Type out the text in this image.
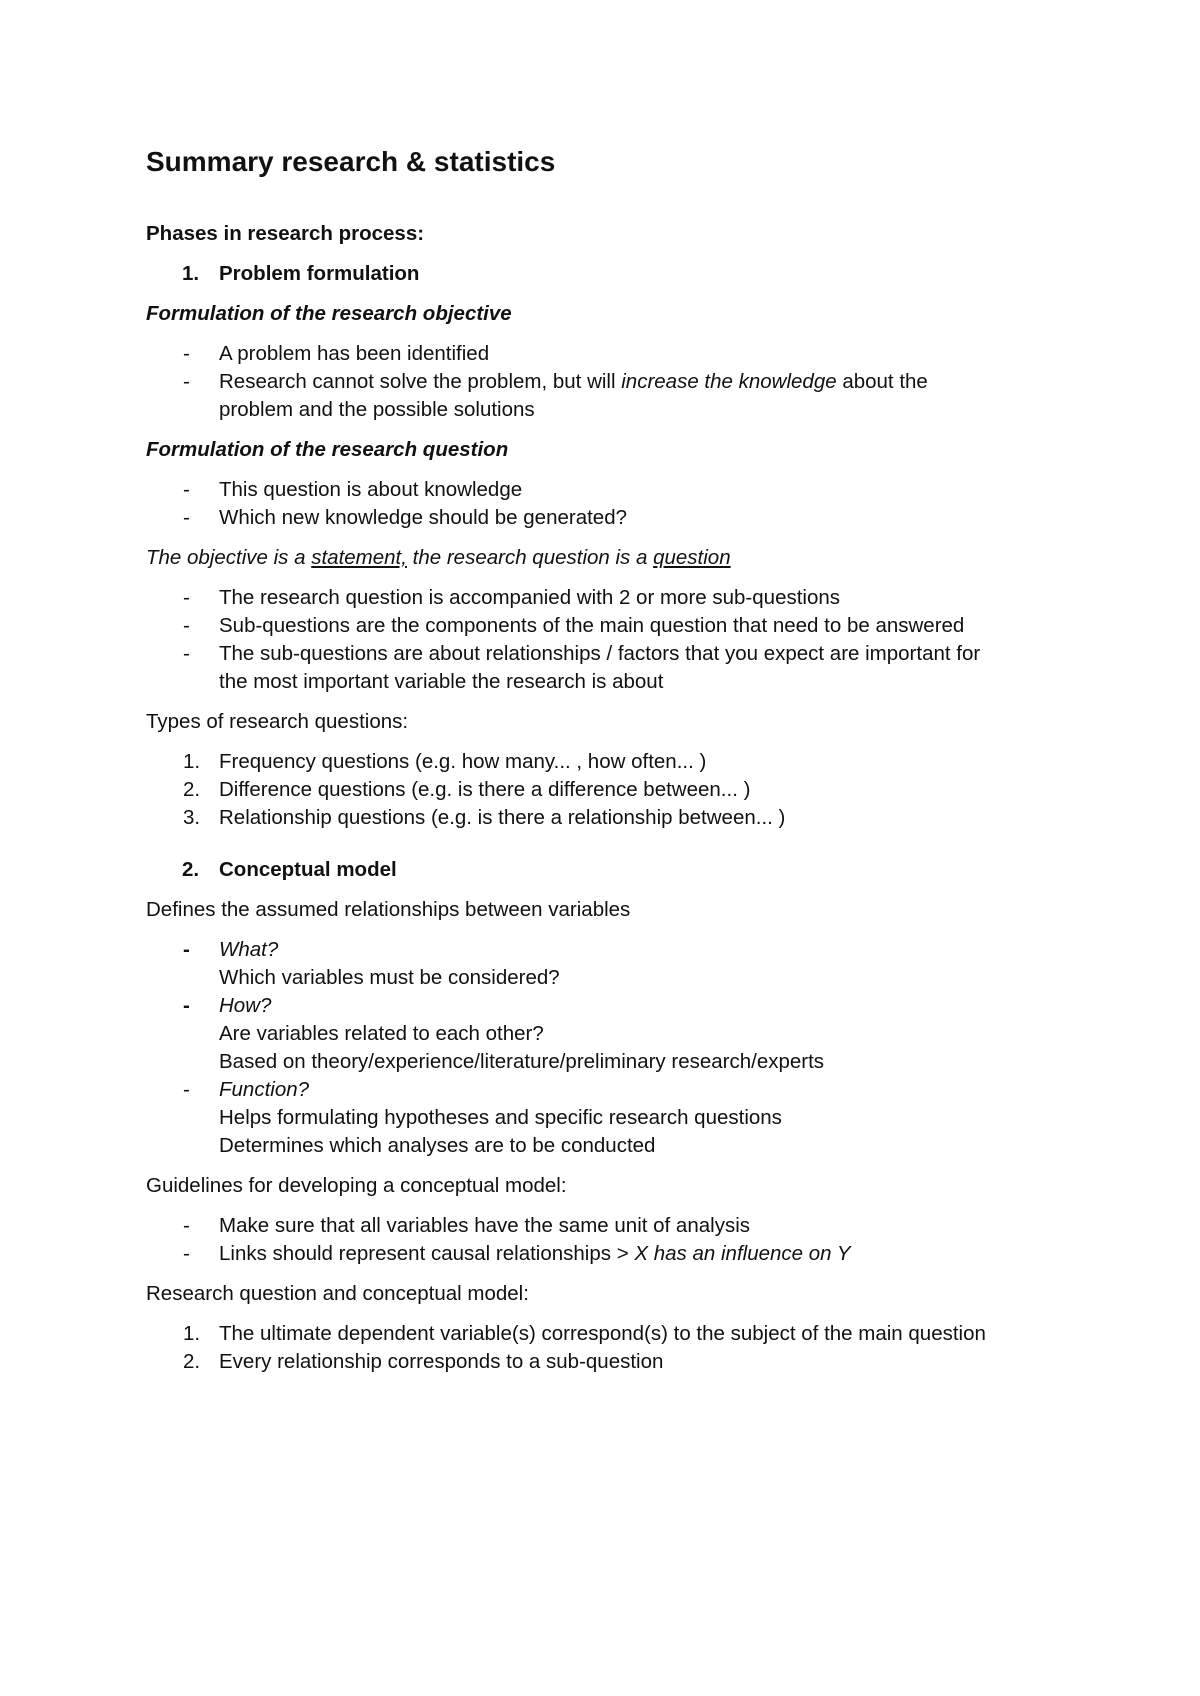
Summary research & statistics

Phases in research process:

1. Problem formulation

Formulation of the research objective

- A problem has been identified
- Research cannot solve the problem, but will increase the knowledge about the
problem and the possible solutions

Formulation of the research question

- This question is about knowledge
- Which new knowledge should be generated?

The objective is a statement, the research question is a question

- The research question is accompanied with 2 or more sub-questions
- Sub-questions are the components of the main question that need to be answered
- The sub-questions are about relationships / factors that you expect are important for
the most important variable the research is about

Types of research questions:

1. Frequency questions (e.g. how many... , how often... )
2. Difference questions (e.g. is there a difference between... )
3. Relationship questions (e.g. is there a relationship between... )
2. Conceptual model

Defines the assumed relationships between variables

- What?
Which variables must be considered?
- How?
Are variables related to each other?
Based on theory/experience/literature/preliminary research/experts
- Function?
Helps formulating hypotheses and specific research questions
Determines which analyses are to be conducted

Guidelines for developing a conceptual model:

- Make sure that all variables have the same unit of analysis
- Links should represent causal relationships > X has an influence on Y

Research question and conceptual model:

1. The ultimate dependent variable(s) correspond(s) to the subject of the main question
2. Every relationship corresponds to a sub-question
